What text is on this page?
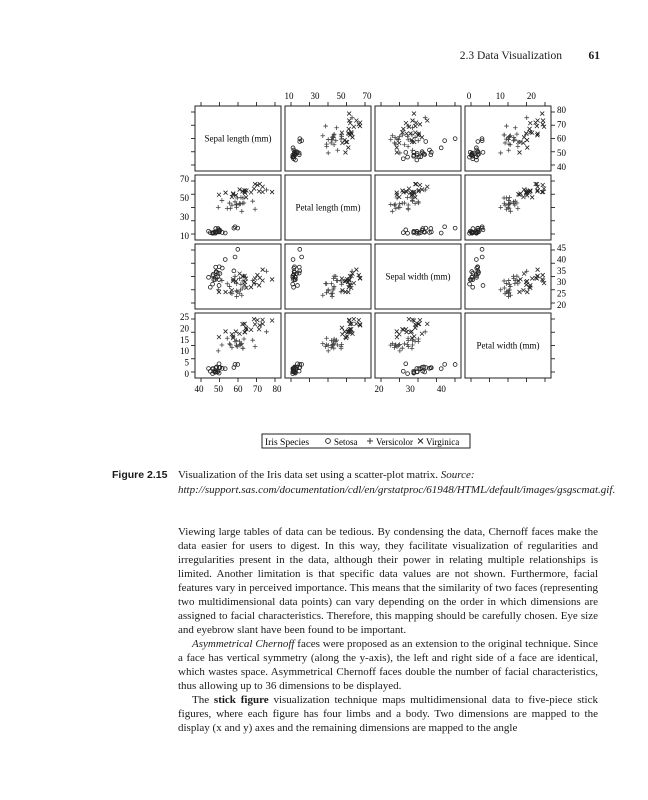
2.3 Data Visualization 61
10 30 50 70	0	10 20
40 50 60 70 80	20 30 40
70
50
30
10
25
20
15
10
5
0
80
70
60
50
40
45
40
35
30
25
20
Sepal length (mm)
Petal length (mm)
Sepal width (mm)
Petal width (mm)
Iris Species	Setosa Versicolor Virginica
Figure 2.15 Visualization of the Iris data set using a scatter-plot matrix. Source: http://support.sas.com/documentation/cdl/en/grstatproc/61948/HTML/default/images/gsgscmat.gif.

Viewing large tables of data can be tedious. By condensing the data, Chernoff faces make the data easier for users to digest. In this way, they facilitate visualization of regularities and irregularities present in the data, although their power in relating multiple relationships is limited. Another limitation is that specific data values are not shown. Furthermore, facial features vary in perceived importance. This means that the similarity of two faces (representing two multidimensional data points) can vary depending on the order in which dimensions are assigned to facial characteristics. Therefore, this mapping should be carefully chosen. Eye size and eyebrow slant have been found to be important.

Asymmetrical Chernoff faces were proposed as an extension to the original technique. Since a face has vertical symmetry (along the y-axis), the left and right side of a face are identical, which wastes space. Asymmetrical Chernoff faces double the number of facial characteristics, thus allowing up to 36 dimensions to be displayed.

The stick figure visualization technique maps multidimensional data to five-piece stick figures, where each figure has four limbs and a body. Two dimensions are mapped to the display (x and y) axes and the remaining dimensions are mapped to the angle
